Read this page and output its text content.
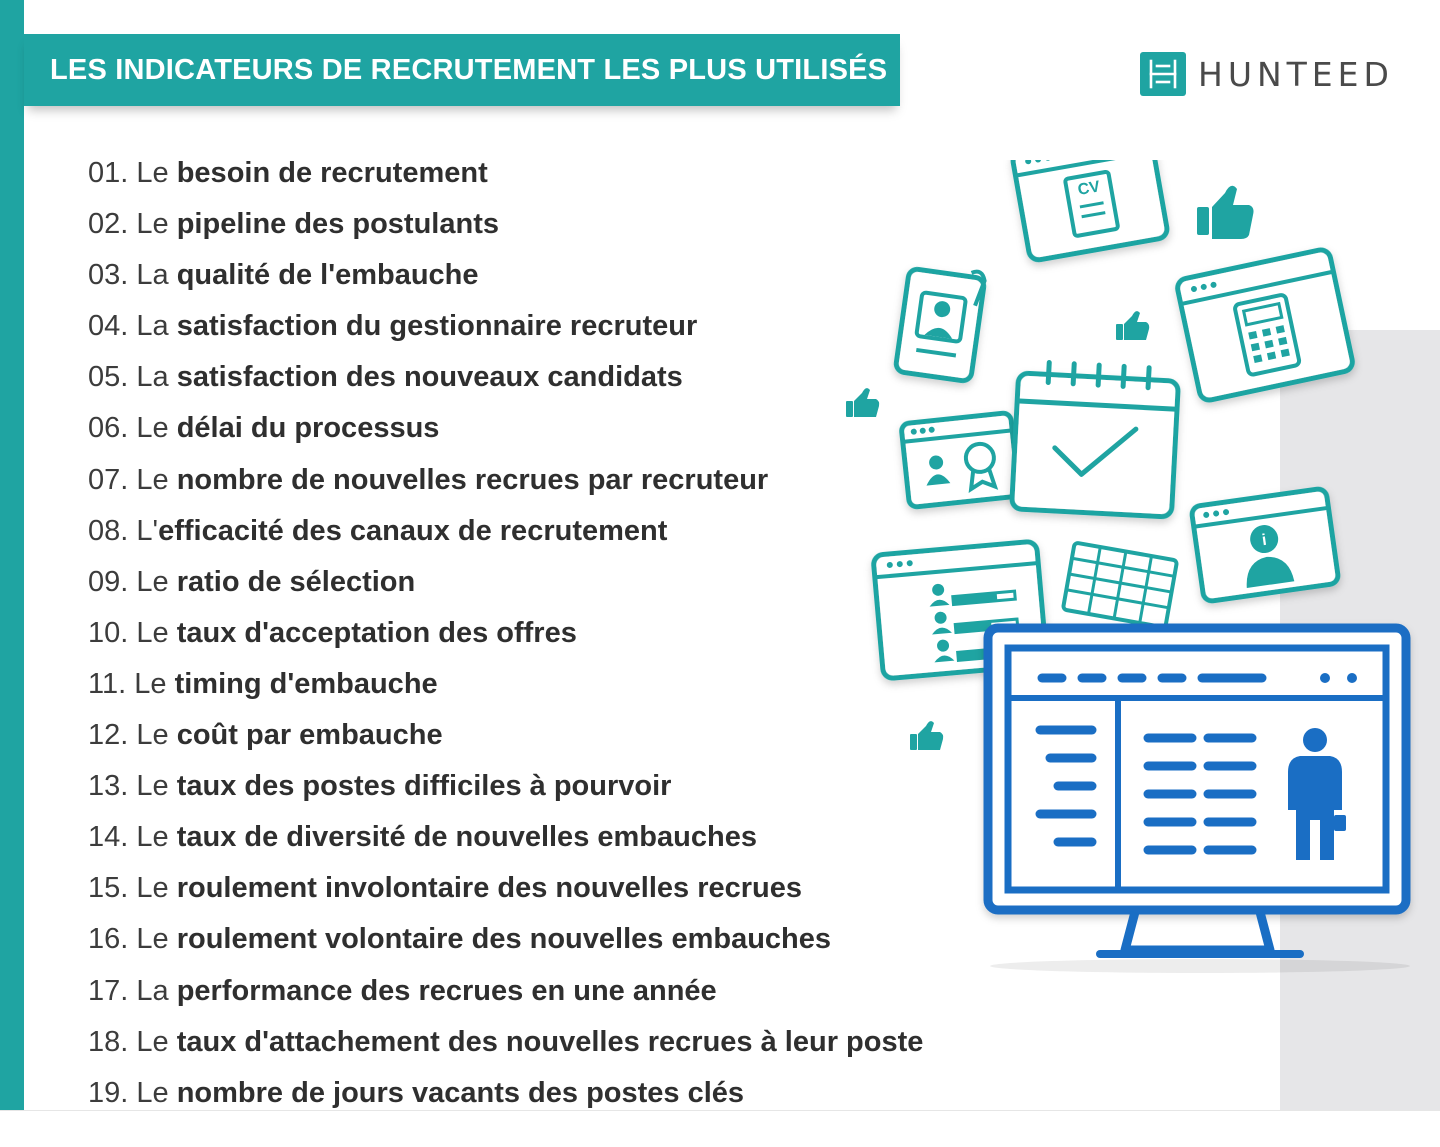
LES INDICATEURS DE RECRUTEMENT LES PLUS UTILISÉS	HUNTEED
01. Le besoin de recrutement
02. Le pipeline des postulants
03. La qualité de l'embauche
04. La satisfaction du gestionnaire recruteur
05. La satisfaction des nouveaux candidats
06. Le délai du processus
07. Le nombre de nouvelles recrues par recruteur
08. L'efficacité des canaux de recrutement
09. Le ratio de sélection
10. Le taux d'acceptation des offres
11. Le timing d'embauche
12. Le coût par embauche
13. Le taux des postes difficiles à pourvoir
14. Le taux de diversité de nouvelles embauches
15. Le roulement involontaire des nouvelles recrues
16. Le roulement volontaire des nouvelles embauches
17. La performance des recrues en une année
18. Le taux d'attachement des nouvelles recrues à leur poste
19. Le nombre de jours vacants des postes clés
CV
i
